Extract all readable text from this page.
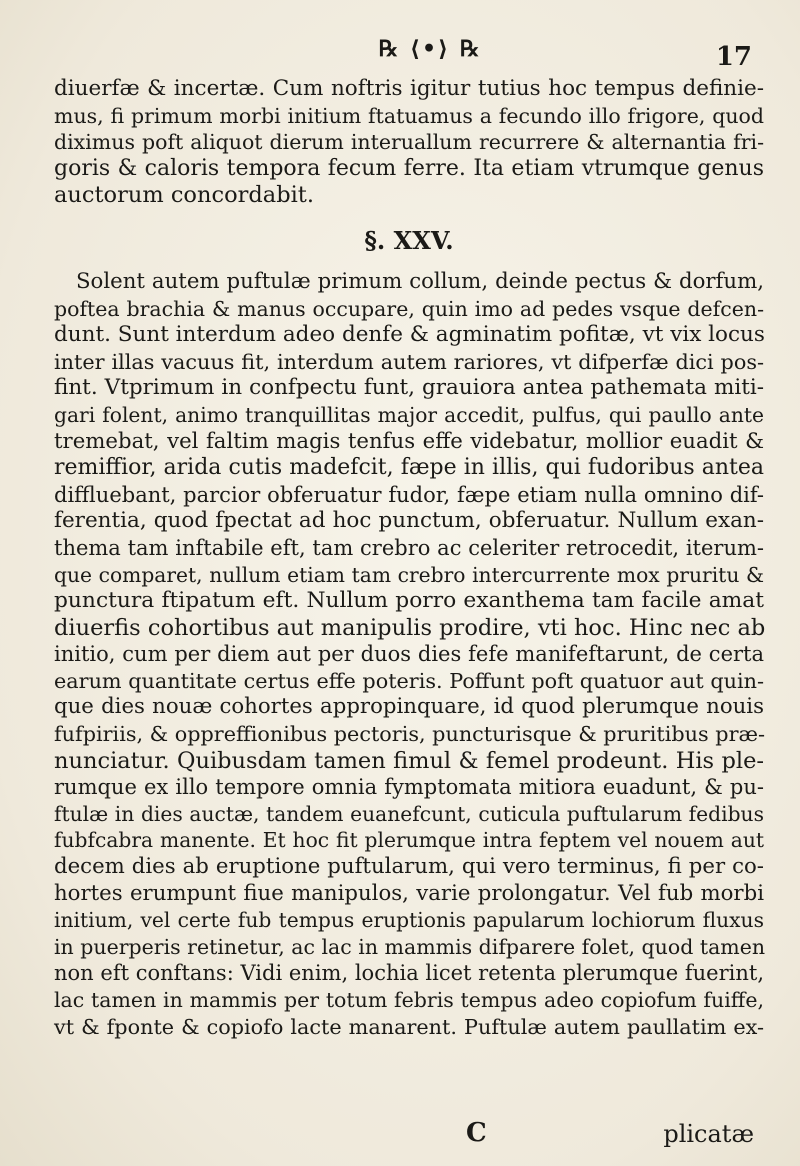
℞ ⟨•⟩ ℞	17
diuerfæ & incertæ. Cum noftris igitur tutius hoc tempus definie-
mus, fi primum morbi initium ftatuamus a fecundo illo frigore, quod
diximus poft aliquot dierum interuallum recurrere & alternantia fri-
goris & caloris tempora fecum ferre. Ita etiam vtrumque genus
auctorum concordabit.
§. XXV.
Solent autem puftulæ primum collum, deinde pectus & dorfum,
poftea brachia & manus occupare, quin imo ad pedes vsque defcen-
dunt. Sunt interdum adeo denfe & agminatim pofitæ, vt vix locus
inter illas vacuus fit, interdum autem rariores, vt difperfæ dici pos-
fint. Vtprimum in confpectu funt, grauiora antea pathemata miti-
gari folent, animo tranquillitas major accedit, pulfus, qui paullo ante
tremebat, vel faltim magis tenfus effe videbatur, mollior euadit &
remiffior, arida cutis madefcit, fæpe in illis, qui fudoribus antea
diffluebant, parcior obferuatur fudor, fæpe etiam nulla omnino dif-
ferentia, quod fpectat ad hoc punctum, obferuatur. Nullum exan-
thema tam inftabile eft, tam crebro ac celeriter retrocedit, iterum-
que comparet, nullum etiam tam crebro intercurrente mox pruritu &
punctura ftipatum eft. Nullum porro exanthema tam facile amat
diuerfis cohortibus aut manipulis prodire, vti hoc. Hinc nec ab
initio, cum per diem aut per duos dies fefe manifeftarunt, de certa
earum quantitate certus effe poteris. Poffunt poft quatuor aut quin-
que dies nouæ cohortes appropinquare, id quod plerumque nouis
fufpiriis, & oppreffionibus pectoris, puncturisque & pruritibus præ-
nunciatur. Quibusdam tamen fimul & femel prodeunt. His ple-
rumque ex illo tempore omnia fymptomata mitiora euadunt, & pu-
ftulæ in dies auctæ, tandem euanefcunt, cuticula puftularum fedibus
fubfcabra manente. Et hoc fit plerumque intra feptem vel nouem aut
decem dies ab eruptione puftularum, qui vero terminus, fi per co-
hortes erumpunt fiue manipulos, varie prolongatur. Vel fub morbi
initium, vel certe fub tempus eruptionis papularum lochiorum fluxus
in puerperis retinetur, ac lac in mammis difparere folet, quod tamen
non eft conftans: Vidi enim, lochia licet retenta plerumque fuerint,
lac tamen in mammis per totum febris tempus adeo copiofum fuiffe,
vt & fponte & copiofo lacte manarent. Puftulæ autem paullatim ex-
C	plicatæ
